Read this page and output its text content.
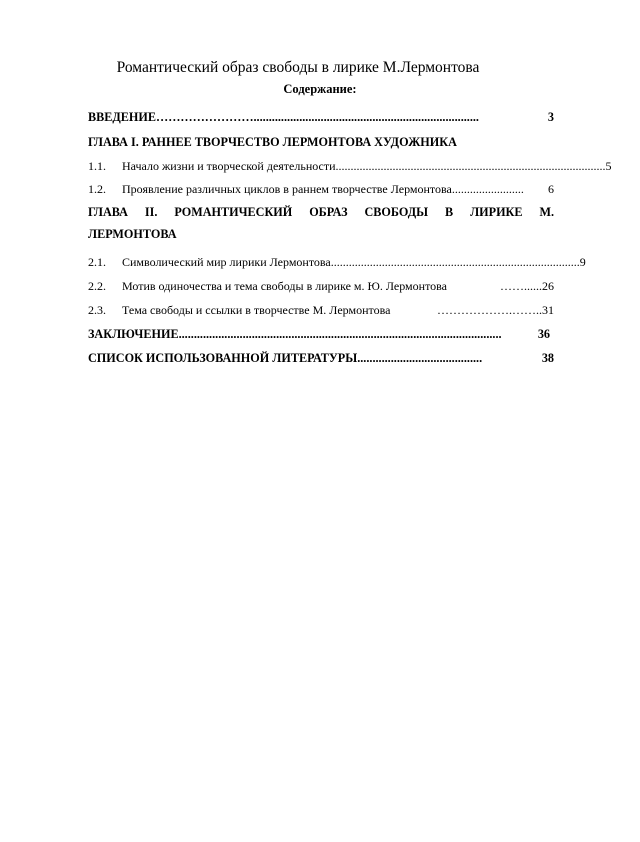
Романтический образ свободы в лирике М.Лермонтова
Содержание:
ВВЕДЕНИЕ ……………………..........................................................................	3
ГЛАВА I. РАННЕЕ ТВОРЧЕСТВО ЛЕРМОНТОВА ХУДОЖНИКА
1.1.	Начало жизни и творческой деятельности .......................................................................................... 5
1.2.	Проявление различных циклов в раннем творчестве Лермонтова ........................	6
ГЛАВА II. РОМАНТИЧЕСКИЙ ОБРАЗ СВОБОДЫ В ЛИРИКЕ М.
ЛЕРМОНТОВА
2.1.	Символический мир лирики Лермонтова ................................................................................... 9
2.2.	Мотив одиночества и тема свободы в лирике м. Ю. Лермонтова	……...... 26
2.3.	Тема свободы и ссылки в творчестве М. Лермонтова	……………….…….. 31
ЗАКЛЮЧЕНИЕ ..........................................................................................................	36
СПИСОК ИСПОЛЬЗОВАННОЙ ЛИТЕРАТУРЫ .........................................	38
